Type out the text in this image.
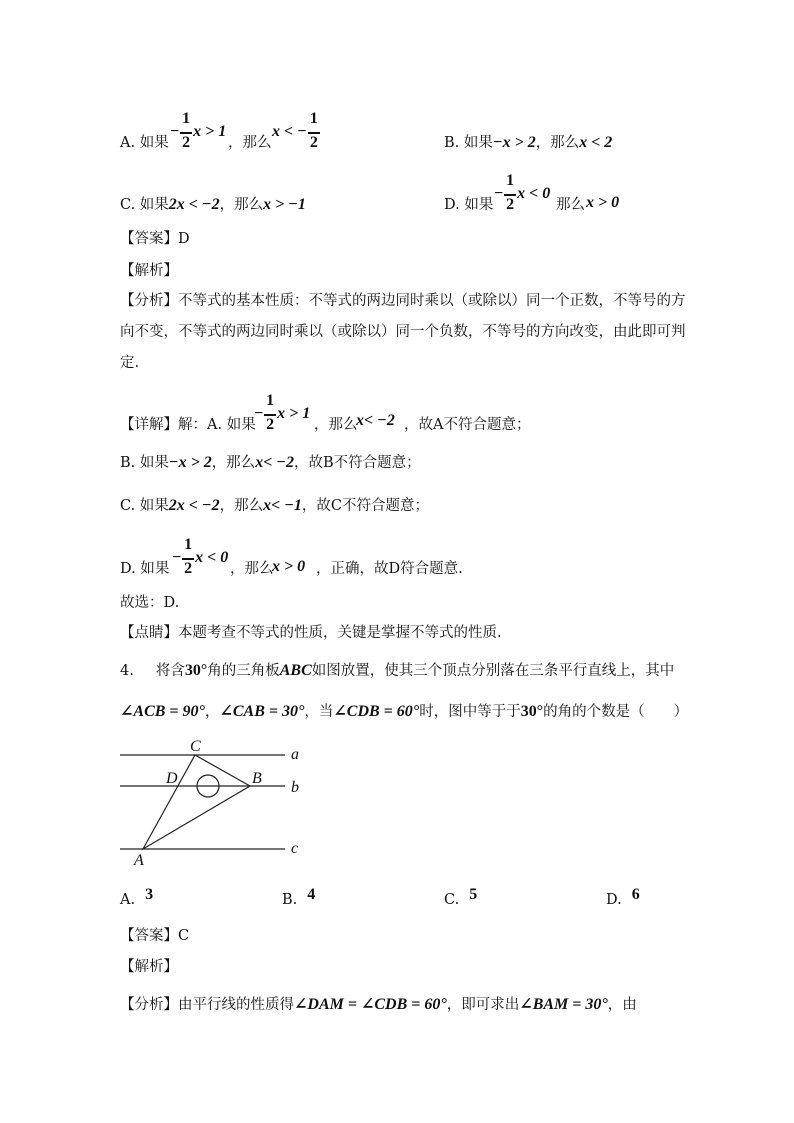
A. 如果
− $\frac{1}{2}$ x > 1
，那么
x < − $\frac{1}{2}$	B. 如果−x > 2，那么x < 2
C. 如果2x < −2，那么x > −1	D. 如果
− $\frac{1}{2}$ x < 0
那么 x > 0
【答案】D
【解析】
【分析】不等式的基本性质：不等式的两边同时乘以（或除以）同一个正数，不等号的方
向不变，不等式的两边同时乘以（或除以）同一个负数，不等号的方向改变，由此即可判
定.
【详解】解：A. 如果
− $\frac{1}{2}$ x > 1
，那么
x< −2 ，故A不符合题意；
B. 如果−x > 2，那么x< −2，故B不符合题意；
C. 如果2x < −2，那么x< −1，故C不符合题意；
D. 如果
− $\frac{1}{2}$ x < 0
，那么
x > 0 ，正确，故D符合题意.
故选：D.
【点睛】本题考查不等式的性质，关键是掌握不等式的性质.
4. 将含30°角的三角板ABC如图放置，使其三个顶点分别落在三条平行直线上，其中
∠ACB = 90°，∠CAB = 30°，当∠CDB = 60°时，图中等于于30°的角的个数是（　　）
a
b
c
C
D	B
A
A. 3	B. 4	C. 5	D. 6
【答案】C
【解析】
【分析】由平行线的性质得∠DAM = ∠CDB = 60°，即可求出∠BAM = 30°，由
